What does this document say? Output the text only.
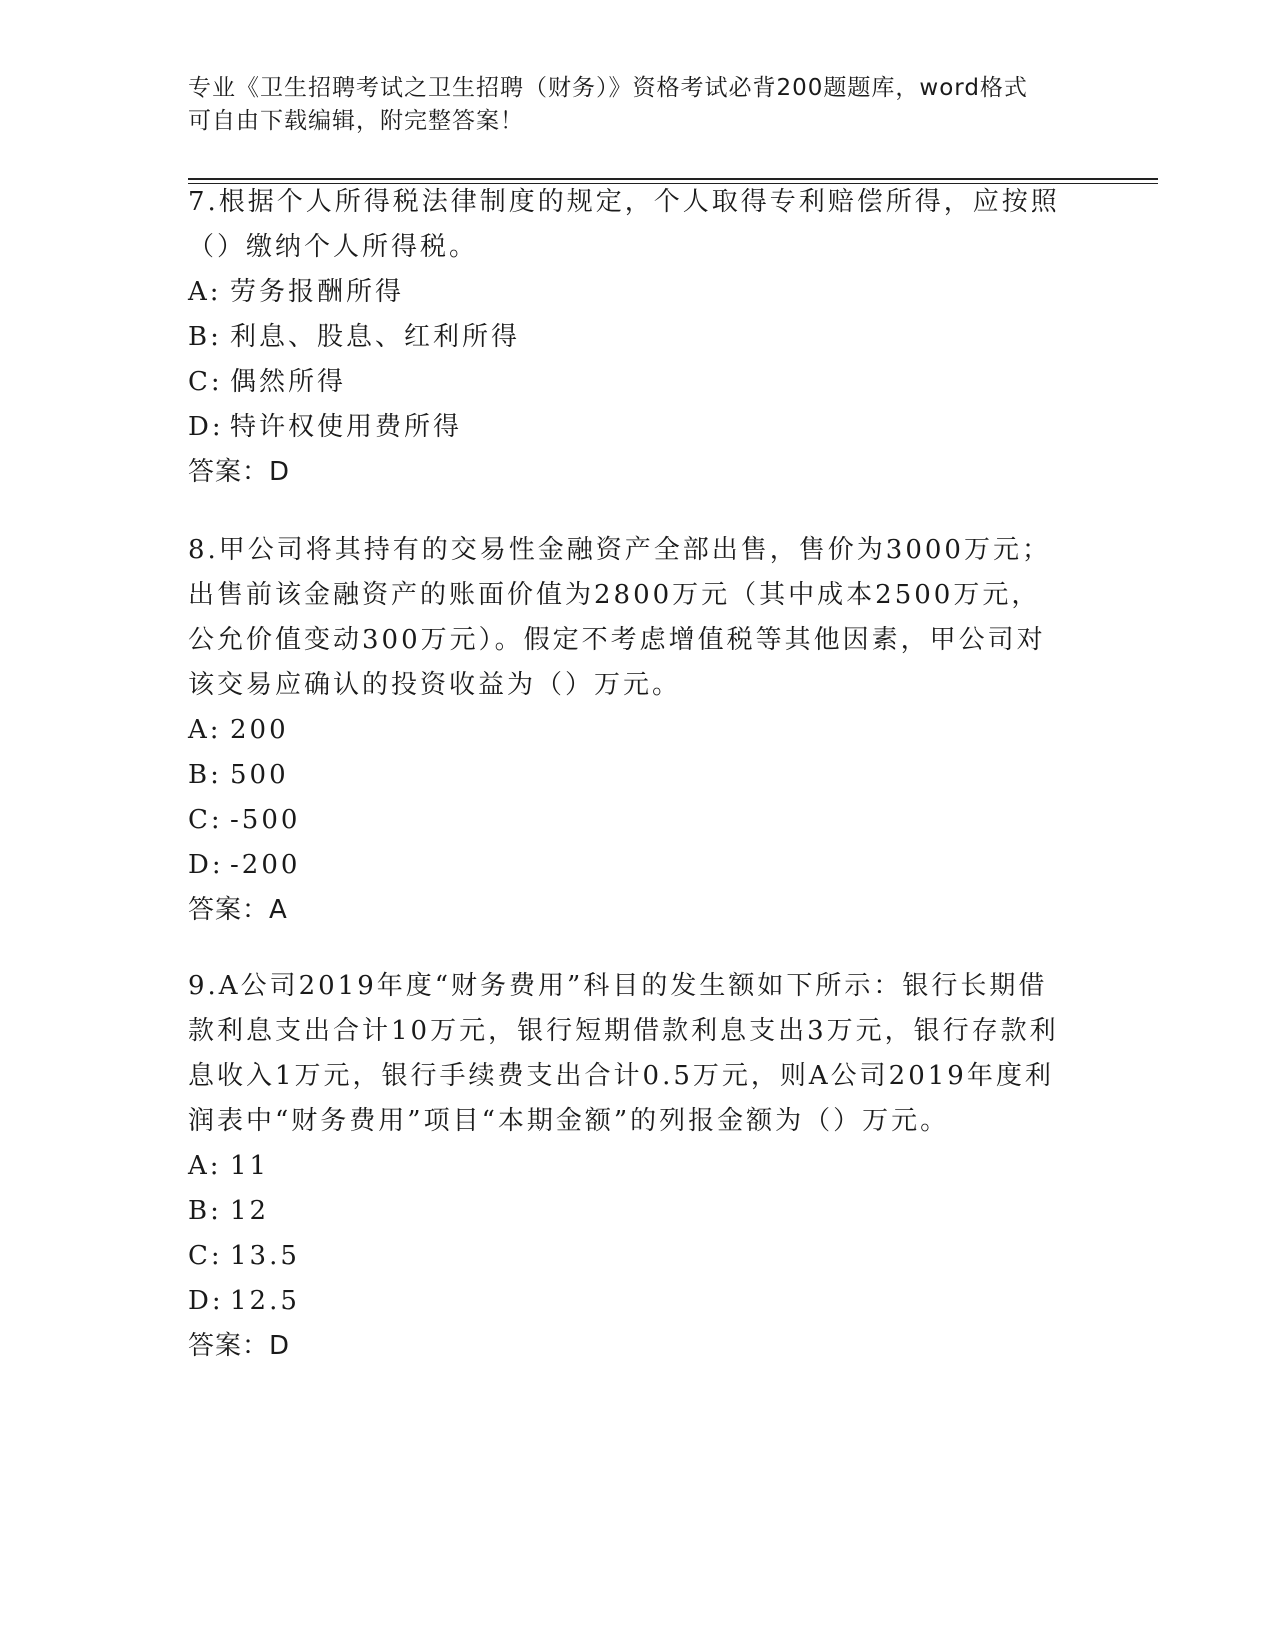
专业《卫生招聘考试之卫生招聘（财务）》资格考试必背200题题库，word格式
可自由下载编辑，附完整答案！
7.根据个人所得税法律制度的规定，个人取得专利赔偿所得，应按照（）缴纳个人所得税。
A: 劳务报酬所得
B: 利息、股息、红利所得
C: 偶然所得
D: 特许权使用费所得
答案：D
8.甲公司将其持有的交易性金融资产全部出售，售价为3000万元；出售前该金融资产的账面价值为2800万元（其中成本2500万元，公允价值变动300万元）。假定不考虑增值税等其他因素，甲公司对该交易应确认的投资收益为（）万元。
A: 200
B: 500
C: -500
D: -200
答案：A
9.A公司2019年度“财务费用”科目的发生额如下所示：银行长期借款利息支出合计10万元，银行短期借款利息支出3万元，银行存款利息收入1万元，银行手续费支出合计0.5万元，则A公司2019年度利润表中“财务费用”项目“本期金额”的列报金额为（）万元。
A: 11
B: 12
C: 13.5
D: 12.5
答案：D
